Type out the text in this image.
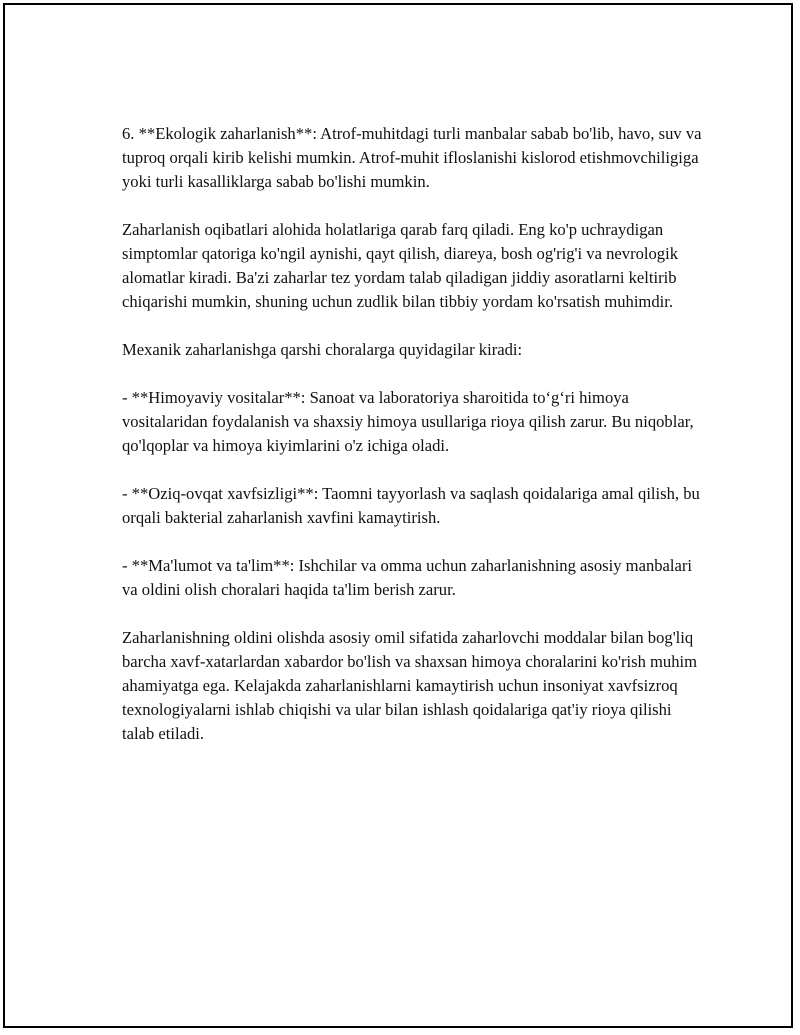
6. **Ekologik zaharlanish**: Atrof-muhitdagi turli manbalar sabab bo'lib, havo, suv va tuproq orqali kirib kelishi mumkin. Atrof-muhit ifloslanishi kislorod etishmovchiligiga yoki turli kasalliklarga sabab bo'lishi mumkin.

Zaharlanish oqibatlari alohida holatlariga qarab farq qiladi. Eng ko'p uchraydigan simptomlar qatoriga ko'ngil aynishi, qayt qilish, diareya, bosh og'rig'i va nevrologik alomatlar kiradi. Ba'zi zaharlar tez yordam talab qiladigan jiddiy asoratlarni keltirib chiqarishi mumkin, shuning uchun zudlik bilan tibbiy yordam ko'rsatish muhimdir.

Mexanik zaharlanishga qarshi choralarga quyidagilar kiradi:

- **Himoyaviy vositalar**: Sanoat va laboratoriya sharoitida to‘g‘ri himoya vositalaridan foydalanish va shaxsiy himoya usullariga rioya qilish zarur. Bu niqoblar, qo'lqoplar va himoya kiyimlarini o'z ichiga oladi.

- **Oziq-ovqat xavfsizligi**: Taomni tayyorlash va saqlash qoidalariga amal qilish, bu orqali bakterial zaharlanish xavfini kamaytirish.

- **Ma'lumot va ta'lim**: Ishchilar va omma uchun zaharlanishning asosiy manbalari va oldini olish choralari haqida ta'lim berish zarur.

Zaharlanishning oldini olishda asosiy omil sifatida zaharlovchi moddalar bilan bog'liq barcha xavf-xatarlardan xabardor bo'lish va shaxsan himoya choralarini ko'rish muhim ahamiyatga ega. Kelajakda zaharlanishlarni kamaytirish uchun insoniyat xavfsizroq texnologiyalarni ishlab chiqishi va ular bilan ishlash qoidalariga qat'iy rioya qilishi talab etiladi.
